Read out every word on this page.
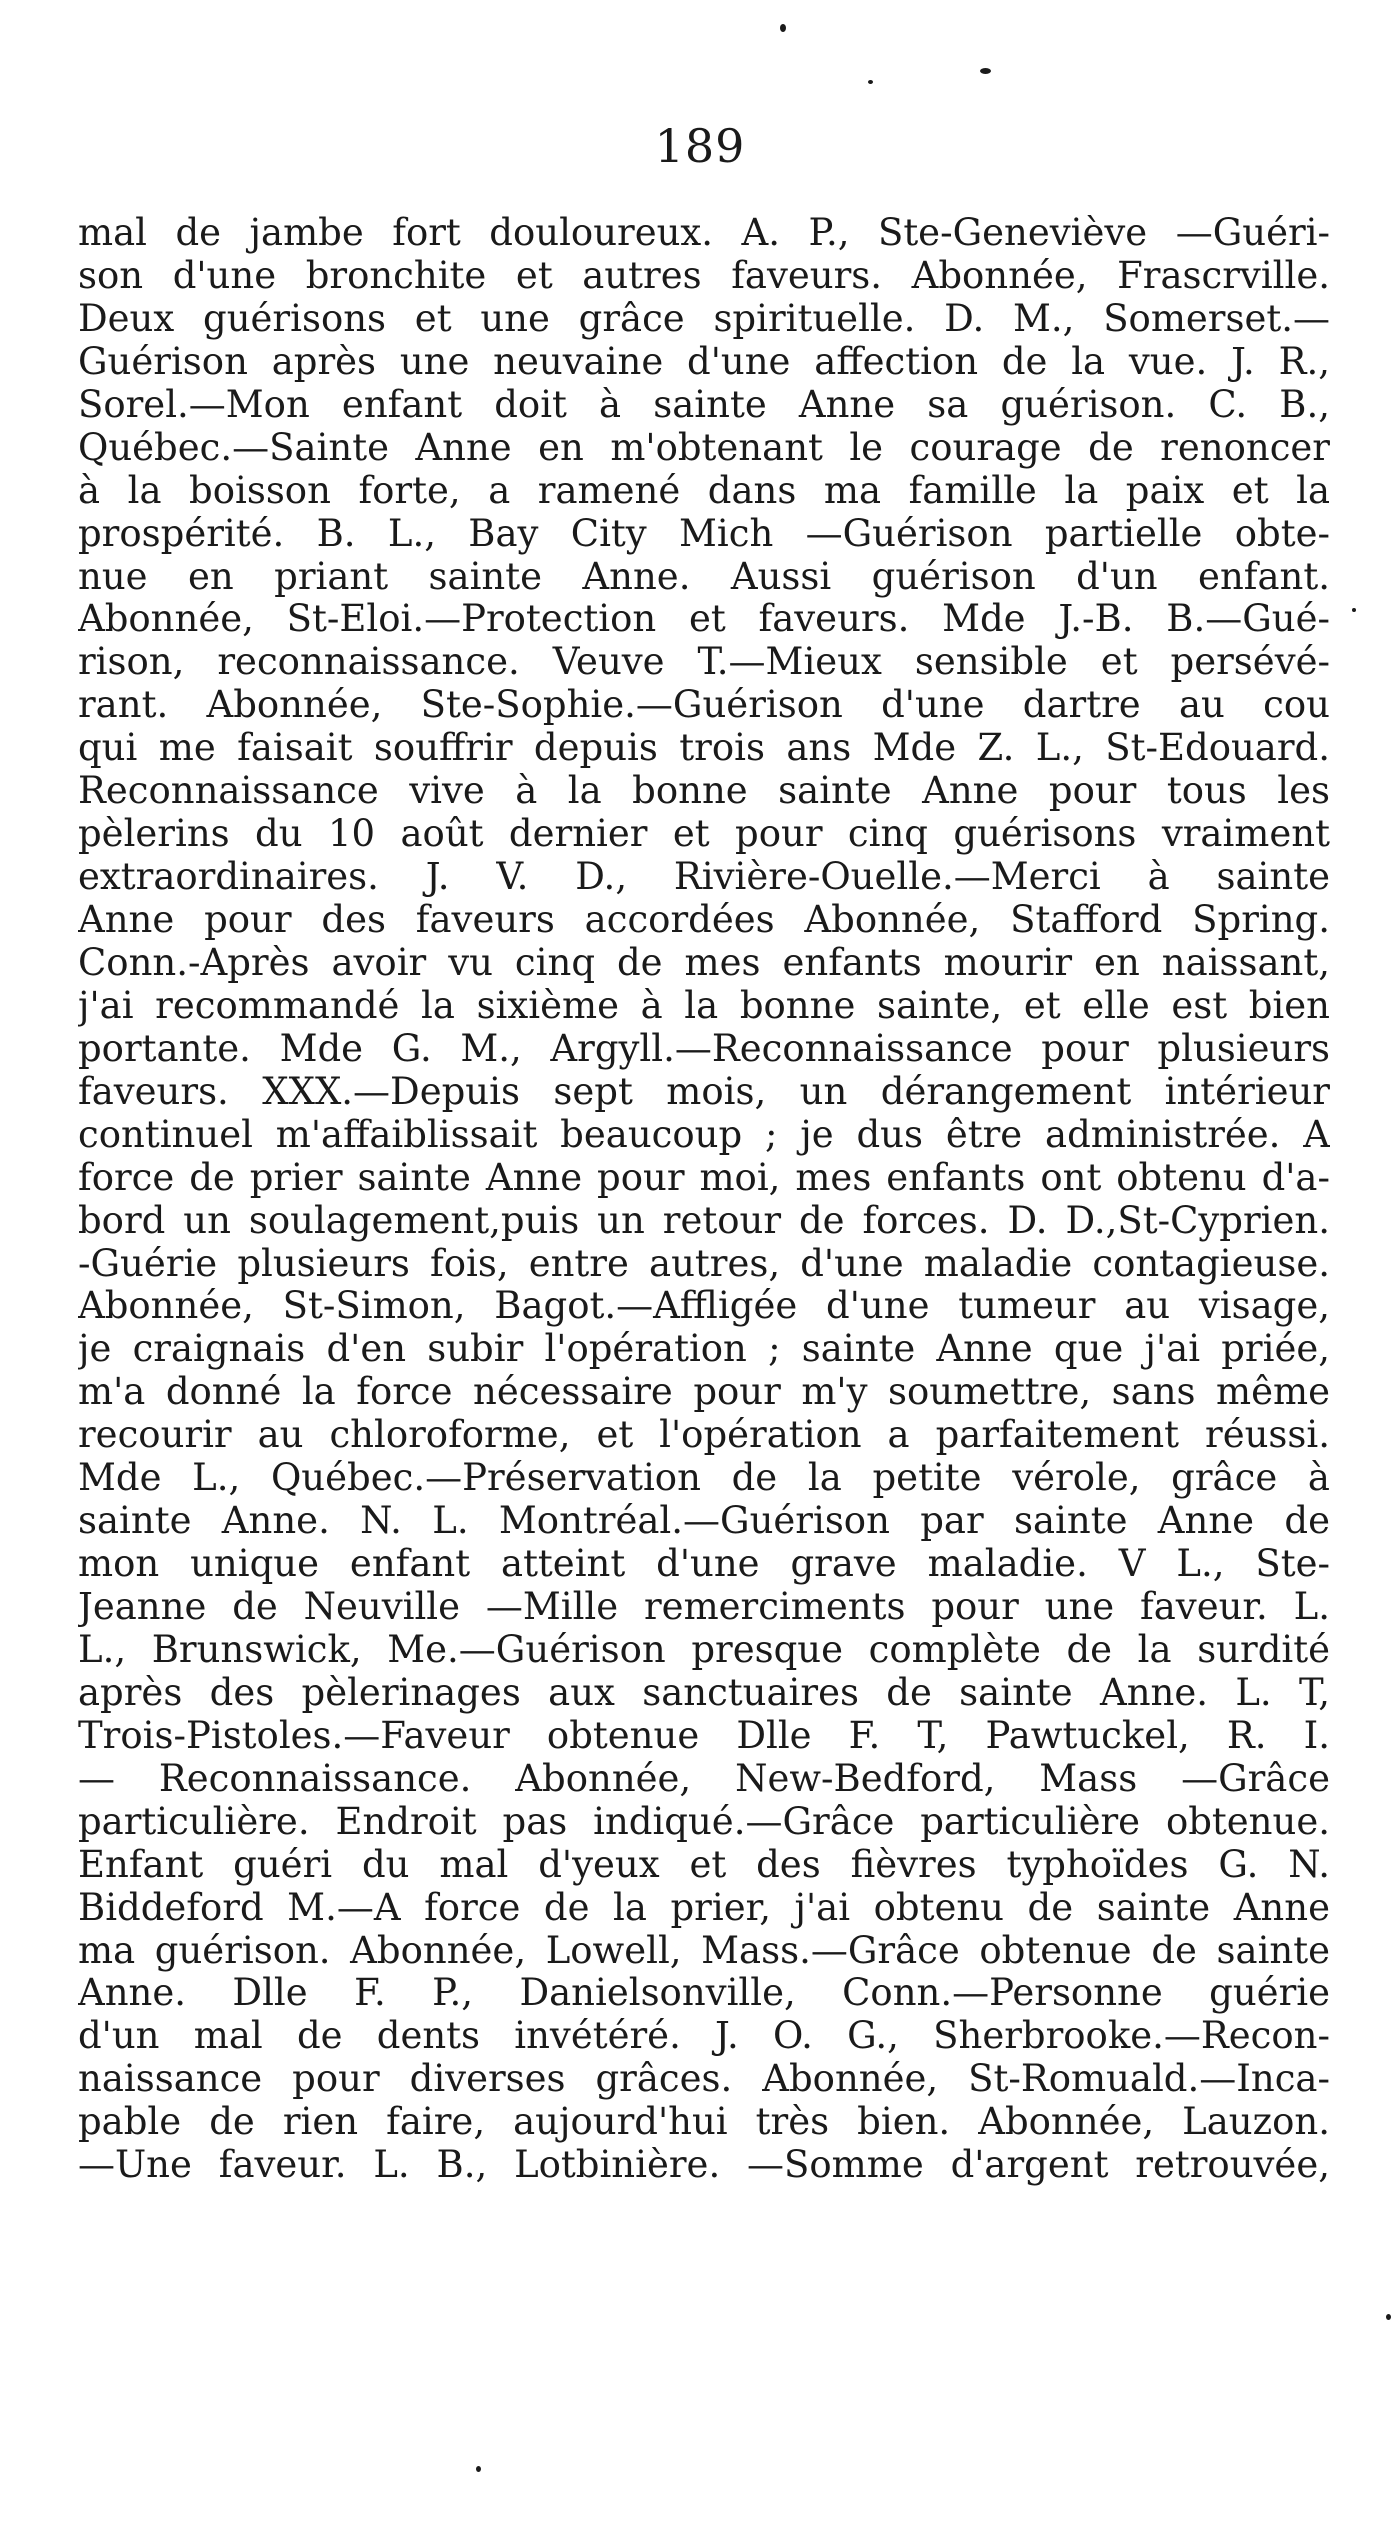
189
mal de jambe fort douloureux. A. P., Ste-Geneviève —Guéri-
son d'une bronchite et autres faveurs. Abonnée, Frascrville.
Deux guérisons et une grâce spirituelle. D. M., Somerset.—
Guérison après une neuvaine d'une affection de la vue. J. R.,
Sorel.—Mon enfant doit à sainte Anne sa guérison. C. B.,
Québec.—Sainte Anne en m'obtenant le courage de renoncer
à la boisson forte, a ramené dans ma famille la paix et la
prospérité. B. L., Bay City Mich —Guérison partielle obte-
nue en priant sainte Anne. Aussi guérison d'un enfant.
Abonnée, St-Eloi.—Protection et faveurs. Mde J.-B. B.—Gué-
rison, reconnaissance. Veuve T.—Mieux sensible et persévé-
rant. Abonnée, Ste-Sophie.—Guérison d'une dartre au cou
qui me faisait souffrir depuis trois ans Mde Z. L., St-Edouard.
Reconnaissance vive à la bonne sainte Anne pour tous les
pèlerins du 10 août dernier et pour cinq guérisons vraiment
extraordinaires. J. V. D., Rivière-Ouelle.—Merci à sainte
Anne pour des faveurs accordées Abonnée, Stafford Spring.
Conn.-Après avoir vu cinq de mes enfants mourir en naissant,
j'ai recommandé la sixième à la bonne sainte, et elle est bien
portante. Mde G. M., Argyll.—Reconnaissance pour plusieurs
faveurs. XXX.—Depuis sept mois, un dérangement intérieur
continuel m'affaiblissait beaucoup ; je dus être administrée. A
force de prier sainte Anne pour moi, mes enfants ont obtenu d'a-
bord un soulagement,puis un retour de forces. D. D.,St-Cyprien.
-Guérie plusieurs fois, entre autres, d'une maladie contagieuse.
Abonnée, St-Simon, Bagot.—Affligée d'une tumeur au visage,
je craignais d'en subir l'opération ; sainte Anne que j'ai priée,
m'a donné la force nécessaire pour m'y soumettre, sans même
recourir au chloroforme, et l'opération a parfaitement réussi.
Mde L., Québec.—Préservation de la petite vérole, grâce à
sainte Anne. N. L. Montréal.—Guérison par sainte Anne de
mon unique enfant atteint d'une grave maladie. V L., Ste-
Jeanne de Neuville —Mille remerciments pour une faveur. L.
L., Brunswick, Me.—Guérison presque complète de la surdité
après des pèlerinages aux sanctuaires de sainte Anne. L. T,
Trois-Pistoles.—Faveur obtenue Dlle F. T, Pawtuckel, R. I.
— Reconnaissance. Abonnée, New-Bedford, Mass —Grâce
particulière. Endroit pas indiqué.—Grâce particulière obtenue.
Enfant guéri du mal d'yeux et des fièvres typhoïdes G. N.
Biddeford M.—A force de la prier, j'ai obtenu de sainte Anne
ma guérison. Abonnée, Lowell, Mass.—Grâce obtenue de sainte
Anne. Dlle F. P., Danielsonville, Conn.—Personne guérie
d'un mal de dents invétéré. J. O. G., Sherbrooke.—Recon-
naissance pour diverses grâces. Abonnée, St-Romuald.—Inca-
pable de rien faire, aujourd'hui très bien. Abonnée, Lauzon.
—Une faveur. L. B., Lotbinière. —Somme d'argent retrouvée,
